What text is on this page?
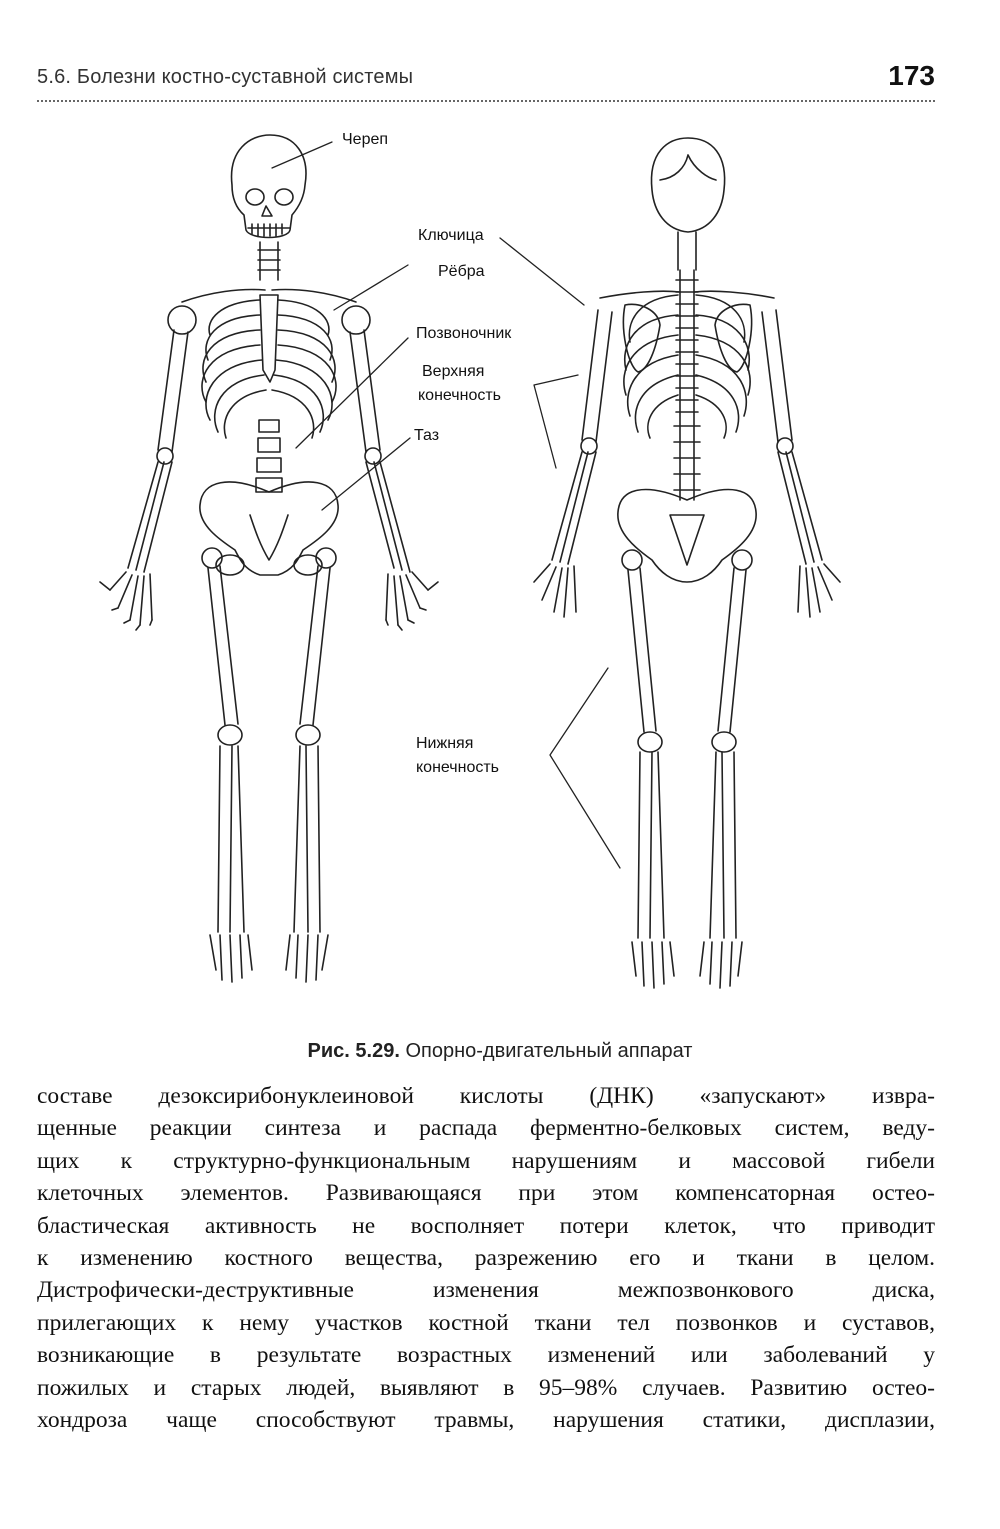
5.6. Болезни костно-суставной системы	173
Череп
Ключица
Рёбра
Позвоночник
Верхняя
конечность
Таз
Нижняя
конечность
Рис. 5.29. Опорно-двигательный аппарат
составе дезоксирибонуклеиновой кислоты (ДНК) «запускают» извра-
щенные реакции синтеза и распада ферментно-белковых систем, веду-
щих к структурно-функциональным нарушениям и массовой гибели
клеточных элементов. Развивающаяся при этом компенсаторная остео-
бластическая активность не восполняет потери клеток, что приводит
к изменению костного вещества, разрежению его и ткани в целом.
Дистрофически-деструктивные изменения межпозвонкового диска,
прилегающих к нему участков костной ткани тел позвонков и суставов,
возникающие в результате возрастных изменений или заболеваний у
пожилых и старых людей, выявляют в 95–98% случаев. Развитию остео-
хондроза чаще способствуют травмы, нарушения статики, дисплазии,
